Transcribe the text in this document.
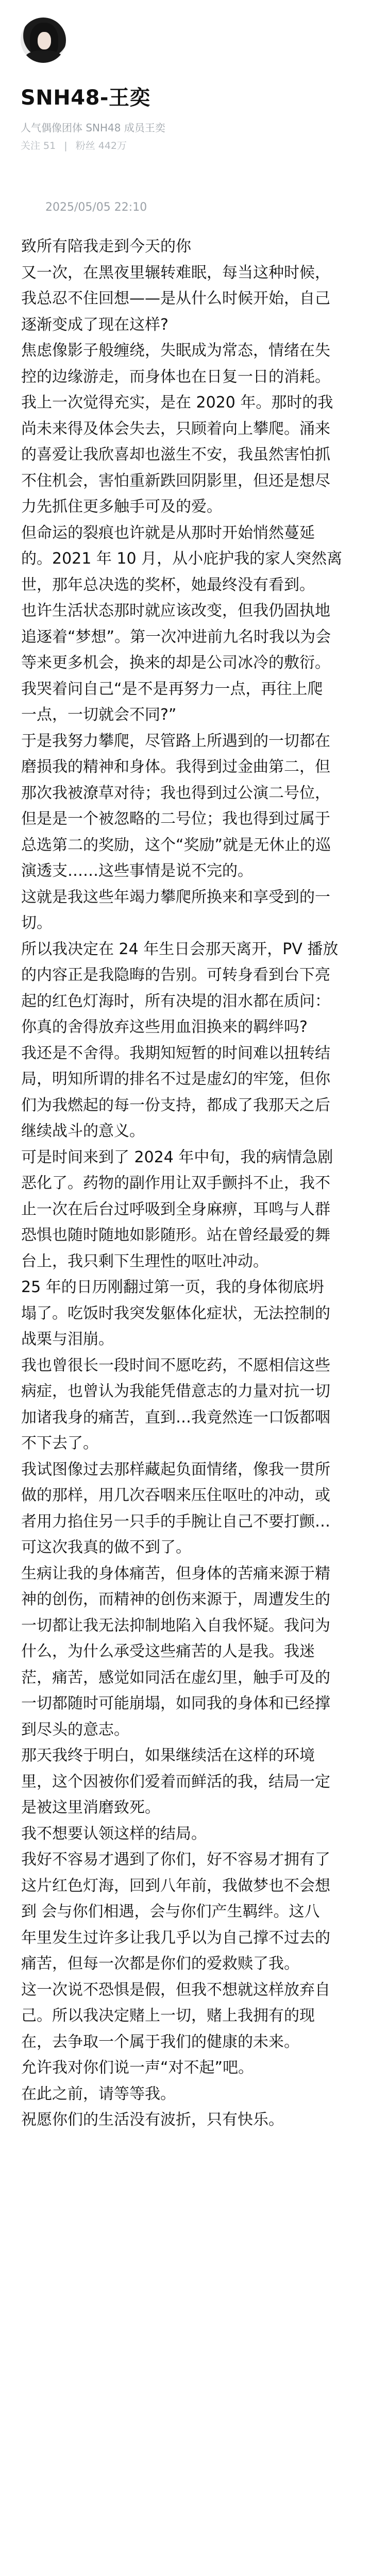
SNH48-王奕
人气偶像团体 SNH48 成员王奕
关注 51 | 粉丝 442万
2025/05/05 22:10

致所有陪我走到今天的你

又一次，在黑夜里辗转难眠，每当这种时候，

我总忍不住回想——是从什么时候开始，自己

逐渐变成了现在这样?

焦虑像影子般缠绕，失眠成为常态，情绪在失

控的边缘游走，而身体也在日复一日的消耗。

我上一次觉得充实，是在 2020 年。那时的我

尚未来得及体会失去，只顾着向上攀爬。涌来

的喜爱让我欣喜却也滋生不安，我虽然害怕抓

不住机会，害怕重新跌回阴影里，但还是想尽

力先抓住更多触手可及的爱。

但命运的裂痕也许就是从那时开始悄然蔓延

的。2021 年 10 月，从小庇护我的家人突然离

世，那年总决选的奖杯，她最终没有看到。

也许生活状态那时就应该改变，但我仍固执地

追逐着“梦想”。第一次冲进前九名时我以为会

等来更多机会，换来的却是公司冰冷的敷衍。

我哭着问自己“是不是再努力一点，再往上爬

一点，一切就会不同?”

于是我努力攀爬，尽管路上所遇到的一切都在

磨损我的精神和身体。我得到过金曲第二，但

那次我被潦草对待；我也得到过公演二号位，

但是是一个被忽略的二号位；我也得到过属于

总选第二的奖励，这个“奖励”就是无休止的巡

演透支……这些事情是说不完的。

这就是我这些年竭力攀爬所换来和享受到的一

切。

所以我决定在 24 年生日会那天离开，PV 播放

的内容正是我隐晦的告别。可转身看到台下亮

起的红色灯海时，所有决堤的泪水都在质问：

你真的舍得放弃这些用血泪换来的羁绊吗?

我还是不舍得。我期知短暂的时间难以扭转结

局，明知所谓的排名不过是虚幻的牢笼，但你

们为我燃起的每一份支持，都成了我那天之后

继续战斗的意义。

可是时间来到了 2024 年中旬，我的病情急剧

恶化了。药物的副作用让双手颤抖不止，我不

止一次在后台过呼吸到全身麻痹，耳鸣与人群

恐惧也随时随地如影随形。站在曾经最爱的舞

台上，我只剩下生理性的呕吐冲动。

25 年的日历刚翻过第一页，我的身体彻底坍

塌了。吃饭时我突发躯体化症状，无法控制的

战栗与泪崩。

我也曾很长一段时间不愿吃药，不愿相信这些

病症，也曾认为我能凭借意志的力量对抗一切

加诸我身的痛苦，直到…我竟然连一口饭都咽

不下去了。

我试图像过去那样藏起负面情绪，像我一贯所

做的那样，用几次吞咽来压住呕吐的冲动，或

者用力掐住另一只手的手腕让自己不要打颤…

可这次我真的做不到了。

生病让我的身体痛苦，但身体的苦痛来源于精

神的创伤，而精神的创伤来源于，周遭发生的

一切都让我无法抑制地陷入自我怀疑。我问为

什么，为什么承受这些痛苦的人是我。我迷

茫，痛苦，感觉如同活在虚幻里，触手可及的

一切都随时可能崩塌，如同我的身体和已经撑

到尽头的意志。

那天我终于明白，如果继续活在这样的环境

里，这个因被你们爱着而鲜活的我，结局一定

是被这里消磨致死。

我不想要认领这样的结局。

我好不容易才遇到了你们，好不容易才拥有了

这片红色灯海，回到八年前，我做梦也不会想

到 会与你们相遇，会与你们产生羁绊。这八

年里发生过许多让我几乎以为自己撑不过去的

痛苦，但每一次都是你们的爱救赎了我。

这一次说不恐惧是假，但我不想就这样放弃自

己。所以我决定赌上一切，赌上我拥有的现

在，去争取一个属于我们的健康的未来。

允许我对你们说一声“对不起”吧。

在此之前，请等等我。

祝愿你们的生活没有波折，只有快乐。
